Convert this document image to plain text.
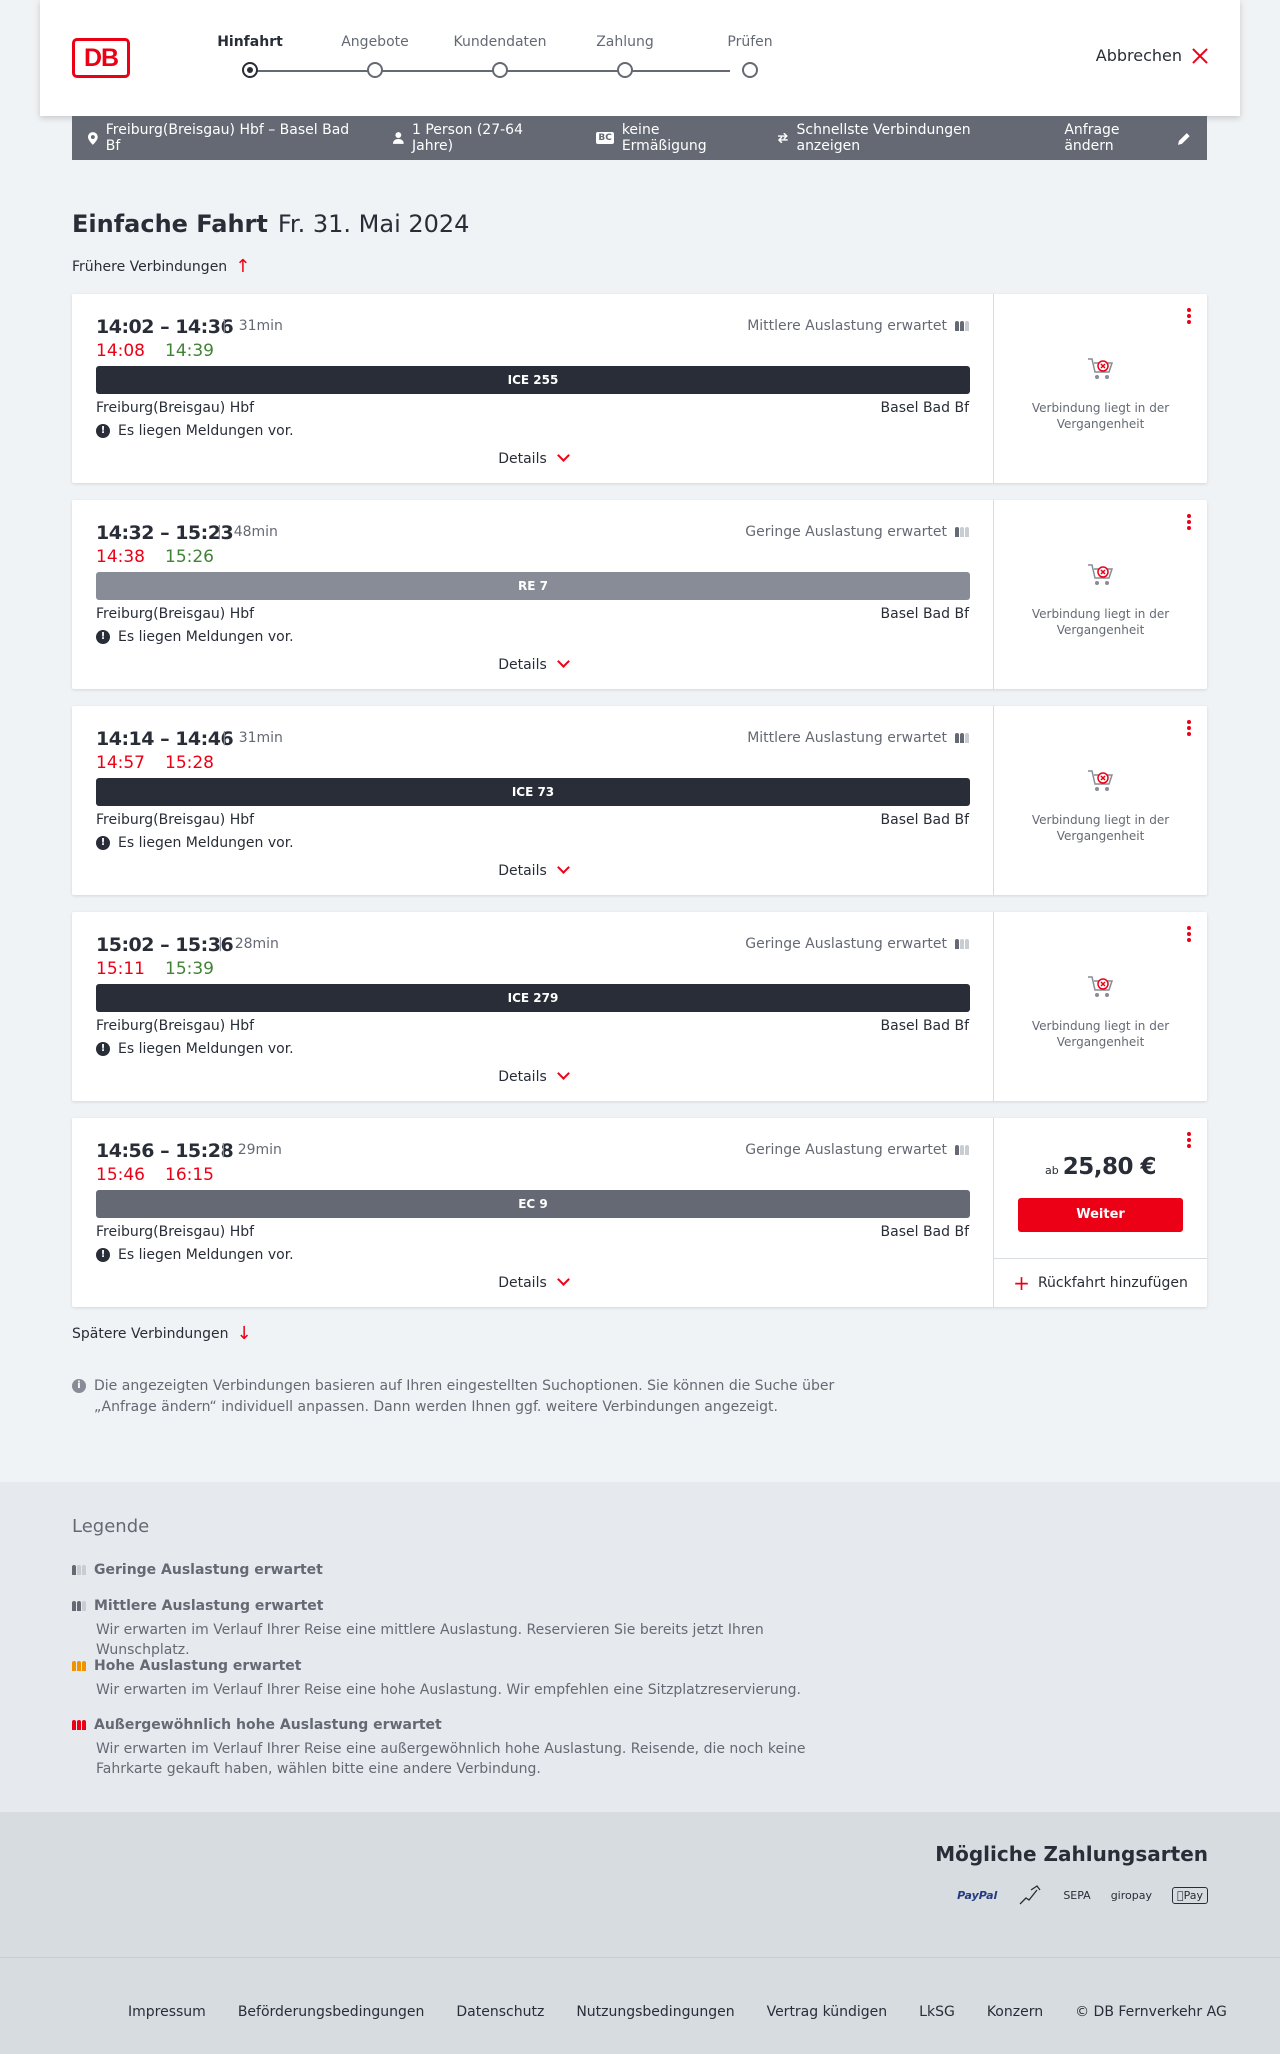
DB
Hinfahrt	Angebote	Kundendaten	Zahlung	Prüfen
Abbrechen
Freiburg(Breisgau) Hbf – Basel Bad Bf
1 Person (27-64 Jahre)	BC keine Ermäßigung
Schnellste Verbindungen anzeigen
Anfrage ändern
Einfache Fahrt Fr. 31. Mai 2024
Frühere Verbindungen ↑
14:02 – 14:36 | 31min
14:08 14:39
Mittlere Auslastung erwartet
ICE 255
Freiburg(Breisgau) Hbf	Basel Bad Bf
! Es liegen Meldungen vor.
Details
Verbindung liegt in der Vergangenheit
14:32 – 15:23 | 48min
14:38 15:26
Geringe Auslastung erwartet
RE 7
Freiburg(Breisgau) Hbf	Basel Bad Bf
! Es liegen Meldungen vor.
Details
Verbindung liegt in der Vergangenheit
14:14 – 14:46 | 31min
14:57 15:28
Mittlere Auslastung erwartet
ICE 73
Freiburg(Breisgau) Hbf	Basel Bad Bf
! Es liegen Meldungen vor.
Details
Verbindung liegt in der Vergangenheit
15:02 – 15:36 | 28min
15:11 15:39
Geringe Auslastung erwartet
ICE 279
Freiburg(Breisgau) Hbf	Basel Bad Bf
! Es liegen Meldungen vor.
Details
Verbindung liegt in der Vergangenheit
14:56 – 15:28 | 29min
15:46 16:15
Geringe Auslastung erwartet
EC 9
Freiburg(Breisgau) Hbf	Basel Bad Bf
! Es liegen Meldungen vor.
Details
ab 25,80 €
Weiter
+ Rückfahrt hinzufügen
Spätere Verbindungen ↓
i Die angezeigten Verbindungen basieren auf Ihren eingestellten Suchoptionen. Sie können die Suche über „Anfrage ändern“ individuell anpassen. Dann werden Ihnen ggf. weitere Verbindungen angezeigt.
Legende
Geringe Auslastung erwartet
Mittlere Auslastung erwartet
Wir erwarten im Verlauf Ihrer Reise eine mittlere Auslastung. Reservieren Sie bereits jetzt Ihren Wunschplatz.
Hohe Auslastung erwartet
Wir erwarten im Verlauf Ihrer Reise eine hohe Auslastung. Wir empfehlen eine Sitzplatzreservierung.
Außergewöhnlich hohe Auslastung erwartet
Wir erwarten im Verlauf Ihrer Reise eine außergewöhnlich hohe Auslastung. Reisende, die noch keine Fahrkarte gekauft haben, wählen bitte eine andere Verbindung.
Mögliche Zahlungsarten
PayPal	SEPA	giropay	Pay
Impressum Beförderungsbedingungen Datenschutz Nutzungsbedingungen Vertrag kündigen LkSG Konzern © DB Fernverkehr AG
